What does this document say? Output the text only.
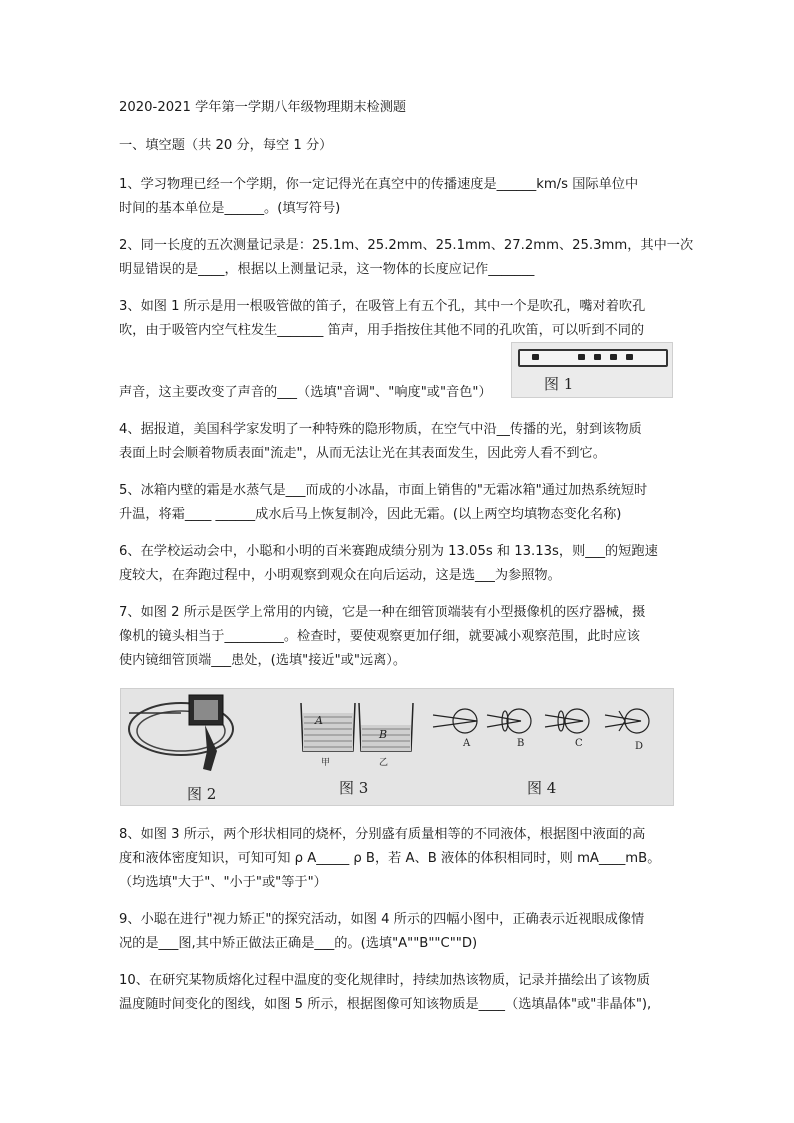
2020-2021 学年第一学期八年级物理期末检测题
一、填空题（共 20 分，每空 1 分）
1、学习物理已经一个学期，你一定记得光在真空中的传播速度是______km/s 国际单位中
时间的基本单位是______。(填写符号)
2、同一长度的五次测量记录是：25.1m、25.2mm、25.1mm、27.2mm、25.3mm，其中一次
明显错误的是____，根据以上测量记录，这一物体的长度应记作_______
3、如图 1 所示是用一根吸管做的笛子，在吸管上有五个孔，其中一个是吹孔，嘴对着吹孔
吹，由于吸管内空气柱发生_______ 笛声，用手指按住其他不同的孔吹笛，可以听到不同的
声音，这主要改变了声音的___（选填"音调"、"响度"或"音色"）	图 1
4、据报道，美国科学家发明了一种特殊的隐形物质，在空气中沿__传播的光，射到该物质
表面上时会顺着物质表面"流走"，从而无法让光在其表面发生，因此旁人看不到它。
5、冰箱内壁的霜是水蒸气是___而成的小冰晶，市面上销售的"无霜冰箱"通过加热系统短时
升温，将霜____ ______成水后马上恢复制冷，因此无霜。(以上两空均填物态变化名称)
6、在学校运动会中，小聪和小明的百米赛跑成绩分别为 13.05s 和 13.13s，则___的短跑速
度较大，在奔跑过程中，小明观察到观众在向后运动，这是选___为参照物。
7、如图 2 所示是医学上常用的内镜，它是一种在细管顶端装有小型摄像机的医疗器械，摄
像机的镜头相当于_________。检查时，要使观察更加仔细，就要减小观察范围，此时应该
使内镜细管顶端___患处，(选填"接近"或"远离）。
A
B
甲	乙
A	B	C	D
图 2	图 3	图 4
8、如图 3 所示，两个形状相同的烧杯，分别盛有质量相等的不同液体，根据图中液面的高
度和液体密度知识，可知可知 ρ A_____ ρ B，若 A、B 液体的体积相同时，则 mA____mB。
（均选填"大于"、"小于"或"等于"）
9、小聪在进行"视力矫正"的探究活动，如图 4 所示的四幅小图中，正确表示近视眼成像情
况的是___图,其中矫正做法正确是___的。(选填"A""B""C""D)
10、在研究某物质熔化过程中温度的变化规律时，持续加热该物质，记录并描绘出了该物质
温度随时间变化的图线，如图 5 所示，根据图像可知该物质是____（选填晶体"或"非晶体"),
